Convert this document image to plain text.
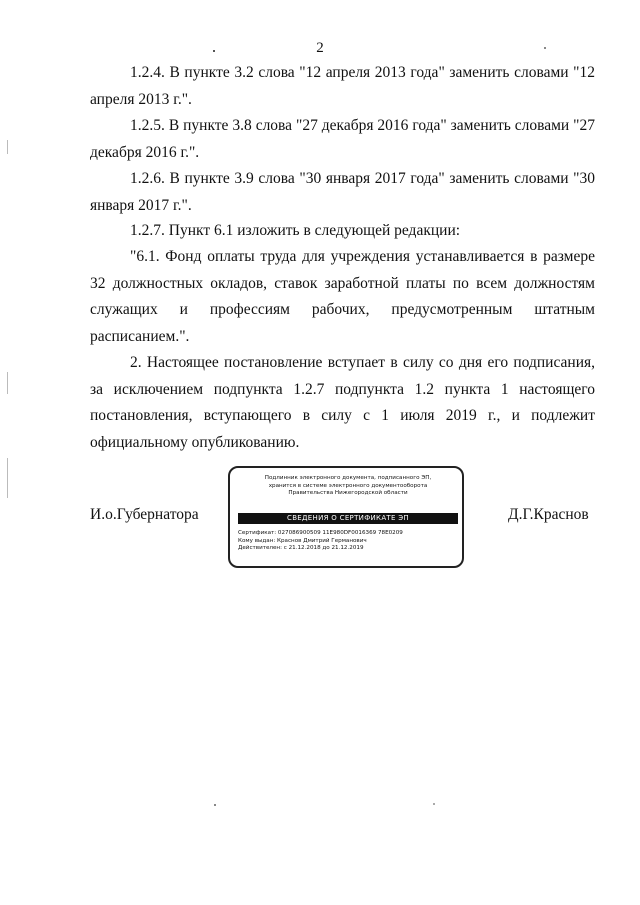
2

1.2.4. В пункте 3.2 слова "12 апреля 2013 года" заменить словами "12 апреля 2013 г.".

1.2.5. В пункте 3.8 слова "27 декабря 2016 года" заменить словами "27 декабря 2016 г.".

1.2.6. В пункте 3.9 слова "30 января 2017 года" заменить словами "30 января 2017 г.".

1.2.7. Пункт 6.1 изложить в следующей редакции:

"6.1. Фонд оплаты труда для учреждения устанавливается в размере 32 должностных окладов, ставок заработной платы по всем должностям служащих и профессиям рабочих, предусмотренным штатным расписанием.".

2. Настоящее постановление вступает в силу со дня его подписания, за исключением подпункта 1.2.7 подпункта 1.2 пункта 1 настоящего постановления, вступающего в силу с 1 июля 2019 г., и подлежит официальному опубликованию.

И.о.Губернатора	Д.Г.Краснов
Подлинник электронного документа, подписанного ЭП,
хранится в системе электронного документооборота
Правительства Нижегородской области
СВЕДЕНИЯ О СЕРТИФИКАТЕ ЭП
Сертификат: 027086900509 11E980DF0016369 78E0209
Кому выдан: Краснов Дмитрий Германович
Действителен: с 21.12.2018 до 21.12.2019
